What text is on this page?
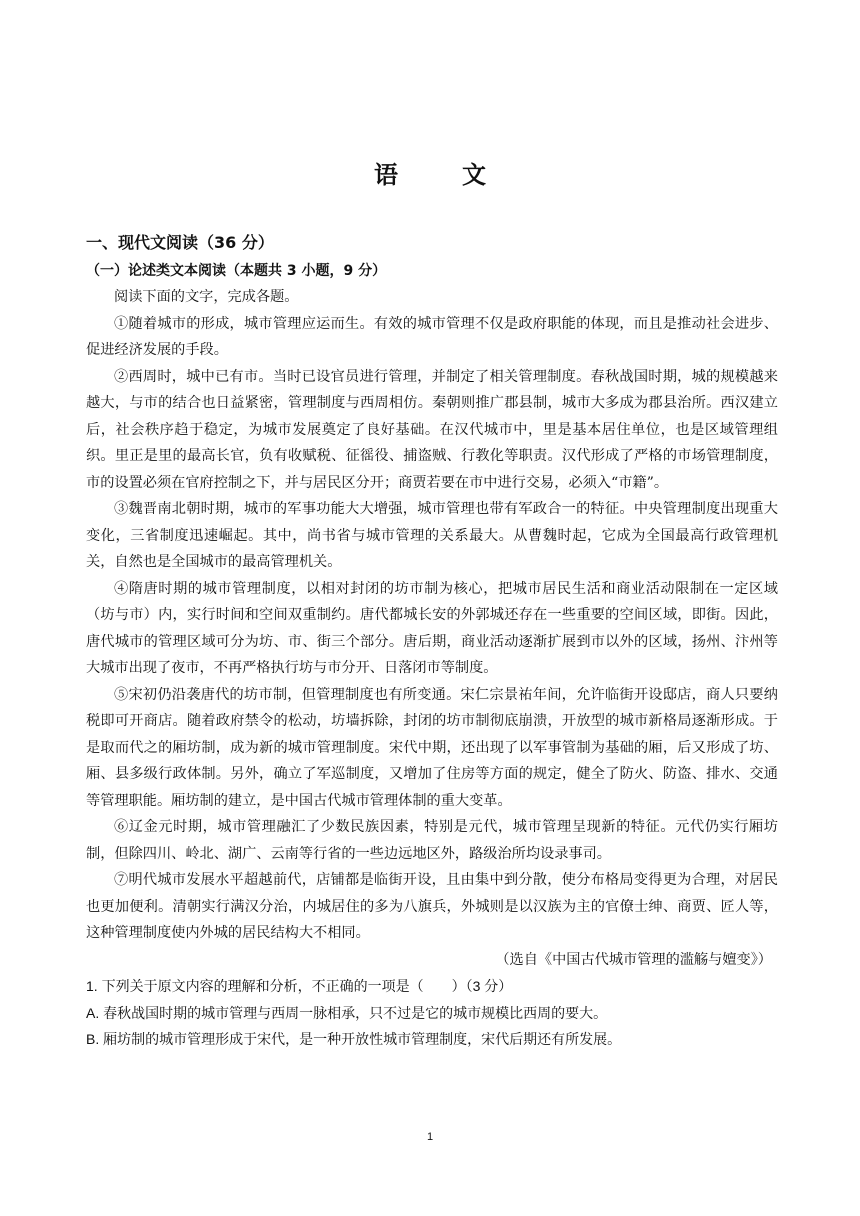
语　文
一、现代文阅读（36 分）
（一）论述类文本阅读（本题共 3 小题，9 分）

阅读下面的文字，完成各题。

①随着城市的形成，城市管理应运而生。有效的城市管理不仅是政府职能的体现，而且是推动社会进步、促进经济发展的手段。

②西周时，城中已有市。当时已设官员进行管理，并制定了相关管理制度。春秋战国时期，城的规模越来越大，与市的结合也日益紧密，管理制度与西周相仿。秦朝则推广郡县制，城市大多成为郡县治所。西汉建立后，社会秩序趋于稳定，为城市发展奠定了良好基础。在汉代城市中，里是基本居住单位，也是区域管理组织。里正是里的最高长官，负有收赋税、征徭役、捕盗贼、行教化等职责。汉代形成了严格的市场管理制度，市的设置必须在官府控制之下，并与居民区分开；商贾若要在市中进行交易，必须入“市籍”。

③魏晋南北朝时期，城市的军事功能大大增强，城市管理也带有军政合一的特征。中央管理制度出现重大变化，三省制度迅速崛起。其中，尚书省与城市管理的关系最大。从曹魏时起，它成为全国最高行政管理机关，自然也是全国城市的最高管理机关。

④隋唐时期的城市管理制度，以相对封闭的坊市制为核心，把城市居民生活和商业活动限制在一定区域（坊与市）内，实行时间和空间双重制约。唐代都城长安的外郭城还存在一些重要的空间区域，即街。因此，唐代城市的管理区域可分为坊、市、街三个部分。唐后期，商业活动逐渐扩展到市以外的区域，扬州、汴州等大城市出现了夜市，不再严格执行坊与市分开、日落闭市等制度。

⑤宋初仍沿袭唐代的坊市制，但管理制度也有所变通。宋仁宗景祐年间，允许临街开设邸店，商人只要纳税即可开商店。随着政府禁令的松动，坊墙拆除，封闭的坊市制彻底崩溃，开放型的城市新格局逐渐形成。于是取而代之的厢坊制，成为新的城市管理制度。宋代中期，还出现了以军事管制为基础的厢，后又形成了坊、厢、县多级行政体制。另外，确立了军巡制度，又增加了住房等方面的规定，健全了防火、防盗、排水、交通等管理职能。厢坊制的建立，是中国古代城市管理体制的重大变革。

⑥辽金元时期，城市管理融汇了少数民族因素，特别是元代，城市管理呈现新的特征。元代仍实行厢坊制，但除四川、岭北、湖广、云南等行省的一些边远地区外，路级治所均设录事司。

⑦明代城市发展水平超越前代，店铺都是临街开设，且由集中到分散，使分布格局变得更为合理，对居民也更加便利。清朝实行满汉分治，内城居住的多为八旗兵，外城则是以汉族为主的官僚士绅、商贾、匠人等，这种管理制度使内外城的居民结构大不相同。

（选自《中国古代城市管理的滥觞与嬗变》）

1. 下列关于原文内容的理解和分析，不正确的一项是（　　）（3 分）

A. 春秋战国时期的城市管理与西周一脉相承，只不过是它的城市规模比西周的要大。

B. 厢坊制的城市管理形成于宋代，是一种开放性城市管理制度，宋代后期还有所发展。

1
